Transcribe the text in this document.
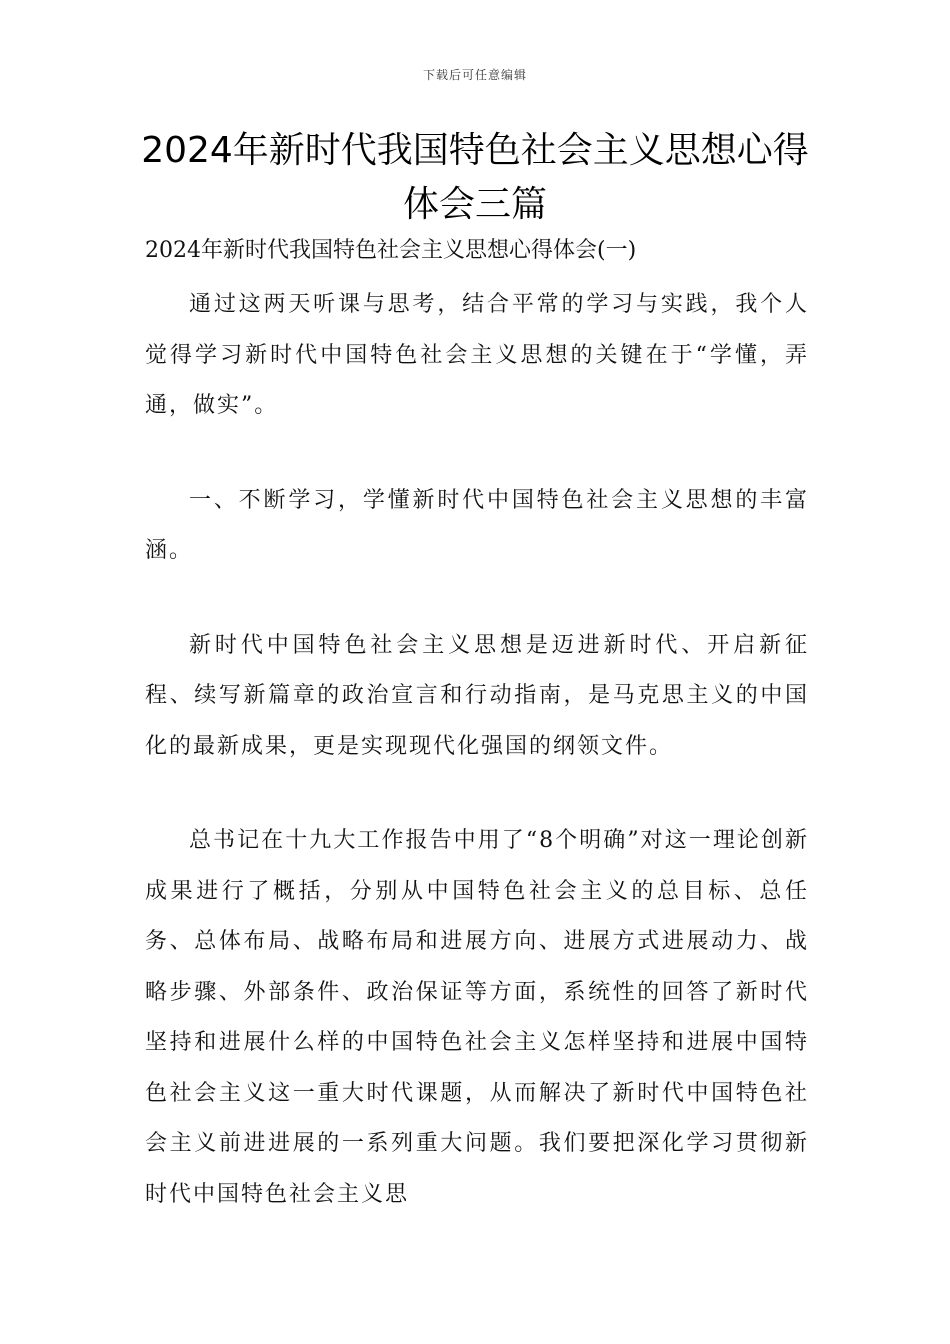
下载后可任意编辑
2024年新时代我国特色社会主义思想心得体会三篇

2024年新时代我国特色社会主义思想心得体会(一)

通过这两天听课与思考，结合平常的学习与实践，我个人觉得学习新时代中国特色社会主义思想的关键在于“学懂，弄通，做实”。

一、不断学习，学懂新时代中国特色社会主义思想的丰富涵。

新时代中国特色社会主义思想是迈进新时代、开启新征程、续写新篇章的政治宣言和行动指南，是马克思主义的中国化的最新成果，更是实现现代化强国的纲领文件。

总书记在十九大工作报告中用了“8个明确”对这一理论创新成果进行了概括，分别从中国特色社会主义的总目标、总任务、总体布局、战略布局和进展方向、进展方式进展动力、战略步骤、外部条件、政治保证等方面，系统性的回答了新时代坚持和进展什么样的中国特色社会主义怎样坚持和进展中国特色社会主义这一重大时代课题，从而解决了新时代中国特色社会主义前进进展的一系列重大问题。我们要把深化学习贯彻新时代中国特色社会主义思
